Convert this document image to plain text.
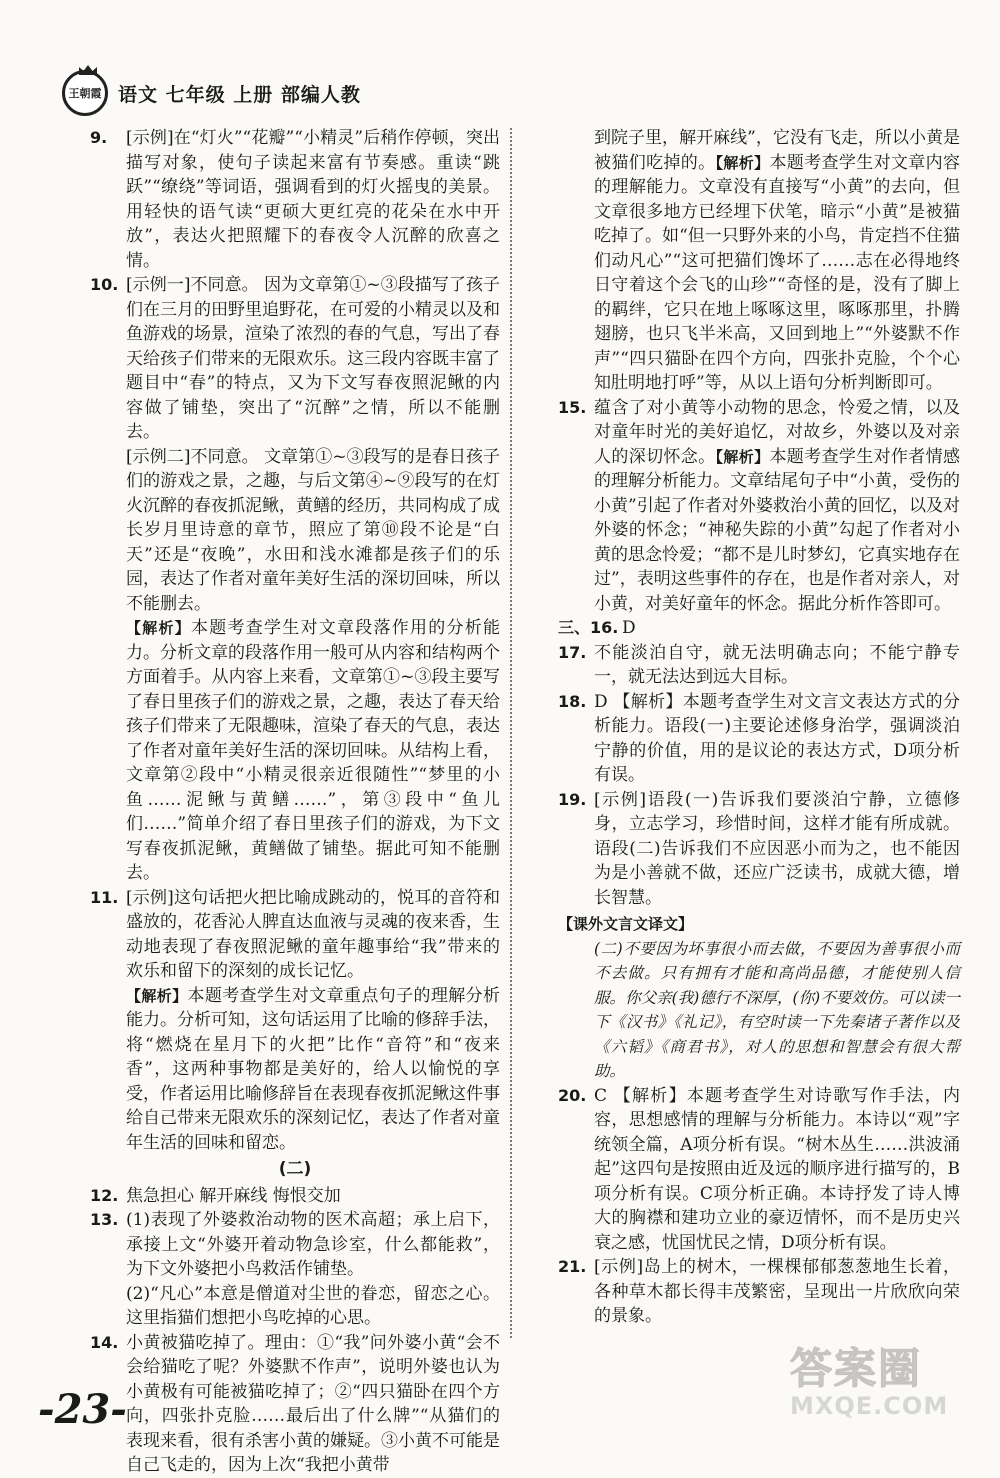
王朝霞 语文 七年级 上册 部编人教

9. [示例]在“灯火”“花瓣”“小精灵”后稍作停顿，突出描写对象，使句子读起来富有节奏感。重读“跳跃”“缭绕”等词语，强调看到的灯火摇曳的美景。用轻快的语气读“更硕大更红亮的花朵在水中开放”，表达火把照耀下的春夜令人沉醉的欣喜之情。

10. [示例一]不同意。 因为文章第①~③段描写了孩子们在三月的田野里追野花，在可爱的小精灵以及和鱼游戏的场景，渲染了浓烈的春的气息，写出了春天给孩子们带来的无限欢乐。这三段内容既丰富了题目中“春”的特点，又为下文写春夜照泥鳅的内容做了铺垫，突出了“沉醉”之情，所以不能删去。

[示例二]不同意。 文章第①~③段写的是春日孩子们的游戏之景，之趣，与后文第④~⑨段写的在灯火沉醉的春夜抓泥鳅，黄鳝的经历，共同构成了成长岁月里诗意的章节，照应了第⑩段不论是“白天”还是“夜晚”，水田和浅水滩都是孩子们的乐园，表达了作者对童年美好生活的深切回味，所以不能删去。

【解析】本题考查学生对文章段落作用的分析能力。分析文章的段落作用一般可从内容和结构两个方面着手。从内容上来看，文章第①~③段主要写了春日里孩子们的游戏之景，之趣，表达了春天给孩子们带来了无限趣味，渲染了春天的气息，表达了作者对童年美好生活的深切回味。从结构上看，文章第②段中“小精灵很亲近很随性”“梦里的小鱼……泥鳅与黄鳝……”，第③段中“鱼儿们……”简单介绍了春日里孩子们的游戏，为下文写春夜抓泥鳅，黄鳝做了铺垫。据此可知不能删去。

11. [示例]这句话把火把比喻成跳动的，悦耳的音符和盛放的，花香沁人脾直达血液与灵魂的夜来香，生动地表现了春夜照泥鳅的童年趣事给“我”带来的欢乐和留下的深刻的成长记忆。

【解析】本题考查学生对文章重点句子的理解分析能力。分析可知，这句话运用了比喻的修辞手法，将“燃烧在星月下的火把”比作“音符”和“夜来香”，这两种事物都是美好的，给人以愉悦的享受，作者运用比喻修辞旨在表现春夜抓泥鳅这件事给自己带来无限欢乐的深刻记忆，表达了作者对童年生活的回味和留恋。

(二)

12. 焦急担心 解开麻线 悔恨交加

13. (1)表现了外婆救治动物的医术高超；承上启下，承接上文“外婆开着动物急诊室，什么都能救”，为下文外婆把小鸟救活作铺垫。

(2)“凡心”本意是僧道对尘世的眷恋，留恋之心。这里指猫们想把小鸟吃掉的心思。

14. 小黄被猫吃掉了。理由：①“我”问外婆小黄“会不会给猫吃了呢？外婆默不作声”，说明外婆也认为小黄极有可能被猫吃掉了；②“四只猫卧在四个方向，四张扑克脸……最后出了什么牌”“从猫们的表现来看，很有杀害小黄的嫌疑。③小黄不可能是自己飞走的，因为上次“我把小黄带

到院子里，解开麻线”，它没有飞走，所以小黄是被猫们吃掉的。【解析】本题考查学生对文章内容的理解能力。文章没有直接写“小黄”的去向，但文章很多地方已经埋下伏笔，暗示“小黄”是被猫吃掉了。如“但一只野外来的小鸟，肯定挡不住猫们动凡心”“这可把猫们馋坏了……志在必得地终日守着这个会飞的山珍”“奇怪的是，没有了脚上的羁绊，它只在地上啄啄这里，啄啄那里，扑腾翅膀，也只飞半米高，又回到地上”“外婆默不作声”“四只猫卧在四个方向，四张扑克脸，个个心知肚明地打呼”等，从以上语句分析判断即可。

15. 蕴含了对小黄等小动物的思念，怜爱之情，以及对童年时光的美好追忆，对故乡，外婆以及对亲人的深切怀念。【解析】本题考查学生对作者情感的理解分析能力。文章结尾句子中“小黄，受伤的小黄”引起了作者对外婆救治小黄的回忆，以及对外婆的怀念；“神秘失踪的小黄”勾起了作者对小黄的思念怜爱；“都不是儿时梦幻，它真实地存在过”，表明这些事件的存在，也是作者对亲人，对小黄，对美好童年的怀念。据此分析作答即可。

三、16. D

17. 不能淡泊自守，就无法明确志向；不能宁静专一，就无法达到远大目标。

18. D 【解析】本题考查学生对文言文表达方式的分析能力。语段(一)主要论述修身治学，强调淡泊宁静的价值，用的是议论的表达方式，D项分析有误。

19. [示例]语段(一)告诉我们要淡泊宁静，立德修身，立志学习，珍惜时间，这样才能有所成就。语段(二)告诉我们不应因恶小而为之，也不能因为是小善就不做，还应广泛读书，成就大德，增长智慧。

【课外文言文译文】

(二)不要因为坏事很小而去做，不要因为善事很小而不去做。只有拥有才能和高尚品德，才能使别人信服。你父亲(我)德行不深厚，(你)不要效仿。可以读一下《汉书》《礼记》，有空时读一下先秦诸子著作以及《六韬》《商君书》，对人的思想和智慧会有很大帮助。

20. C 【解析】本题考查学生对诗歌写作手法，内容，思想感情的理解与分析能力。本诗以“观”字统领全篇，A项分析有误。“树木丛生……洪波涌起”这四句是按照由近及远的顺序进行描写的，B项分析有误。C项分析正确。本诗抒发了诗人博大的胸襟和建功立业的豪迈情怀，而不是历史兴衰之感，忧国忧民之情，D项分析有误。

21. [示例]岛上的树木，一棵棵郁郁葱葱地生长着，各种草木都长得丰茂繁密，呈现出一片欣欣向荣的景象。

-23-
答案圈
MXQE.COM
